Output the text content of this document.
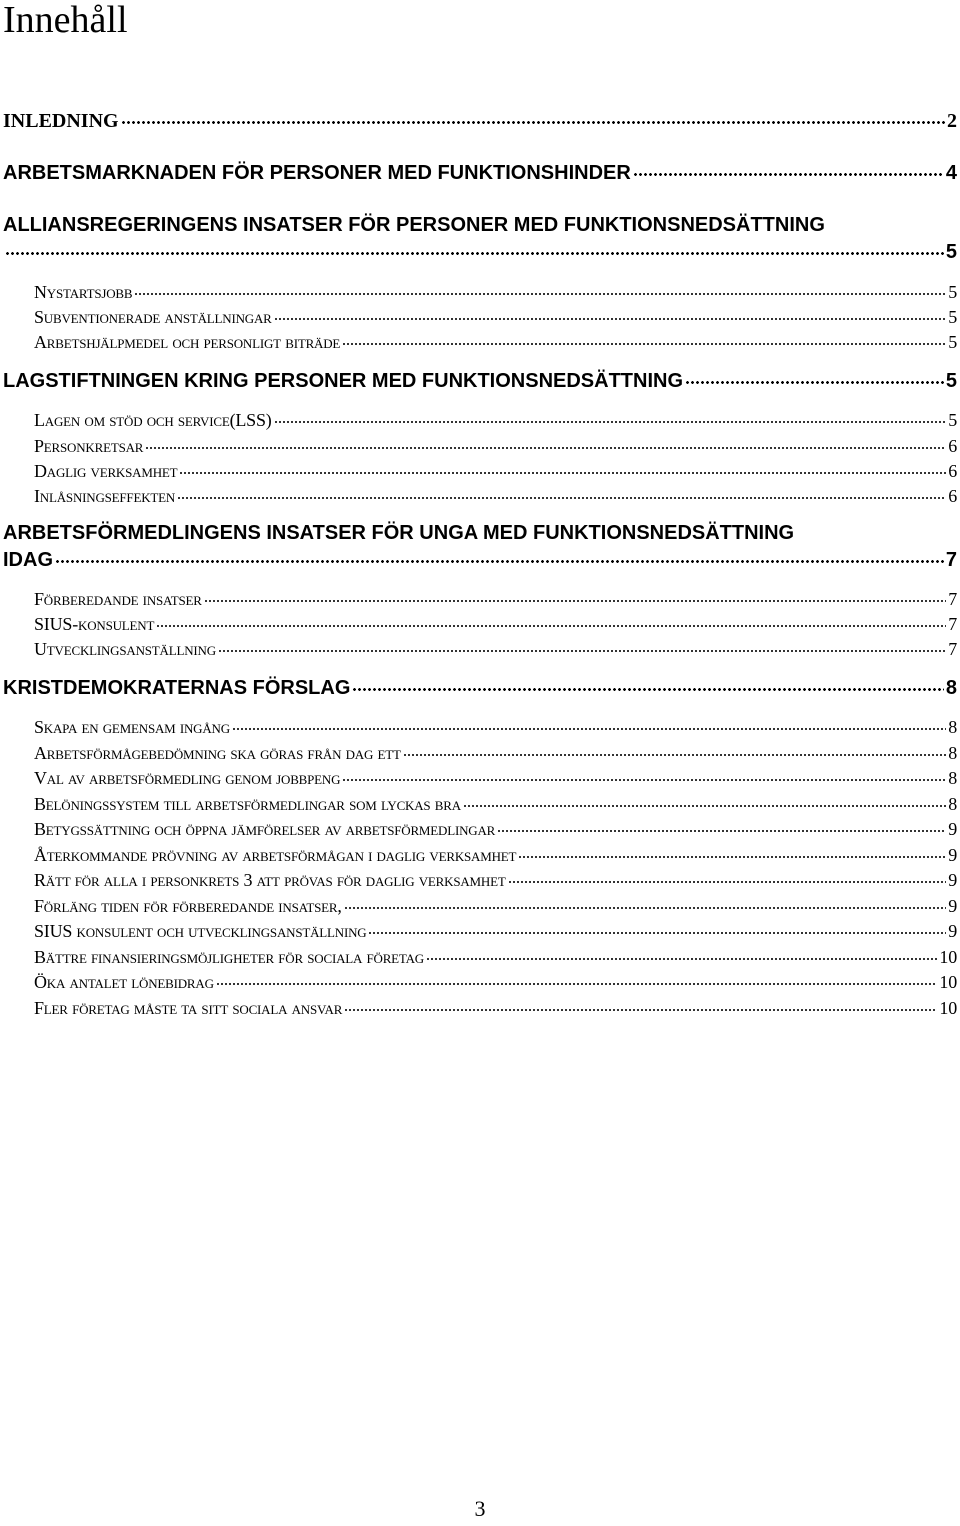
Innehåll
INLEDNING	2
ARBETSMARKNADEN FÖR PERSONER MED FUNKTIONSHINDER	4
ALLIANSREGERINGENS INSATSER FÖR PERSONER MED FUNKTIONSNEDSÄTTNING
5
Nystartsjobb	5
Subventionerade anställningar	5
Arbetshjälpmedel och personligt biträde	5
LAGSTIFTNINGEN KRING PERSONER MED FUNKTIONSNEDSÄTTNING	5
Lagen om stöd och service(LSS)	5
Personkretsar	6
Daglig verksamhet	6
Inlåsningseffekten	6
ARBETSFÖRMEDLINGENS INSATSER FÖR UNGA MED FUNKTIONSNEDSÄTTNING
IDAG	7
Förberedande insatser	7
SIUS-konsulent	7
Utvecklingsanställning	7
KRISTDEMOKRATERNAS FÖRSLAG	8
Skapa en gemensam ingång	8
Arbetsförmågebedömning ska göras från dag ett	8
Val av arbetsförmedling genom jobbpeng	8
Belöningssystem till arbetsförmedlingar som lyckas bra	8
Betygssättning och öppna jämförelser av arbetsförmedlingar	9
Återkommande prövning av arbetsförmågan i daglig verksamhet	9
Rätt för alla i personkrets 3 att prövas för daglig verksamhet	9
Förläng tiden för förberedande insatser,	9
SIUS konsulent och utvecklingsanställning	9
Bättre finansieringsmöjligheter för sociala företag	10
Öka antalet lönebidrag	10
Fler företag måste ta sitt sociala ansvar	10
3
